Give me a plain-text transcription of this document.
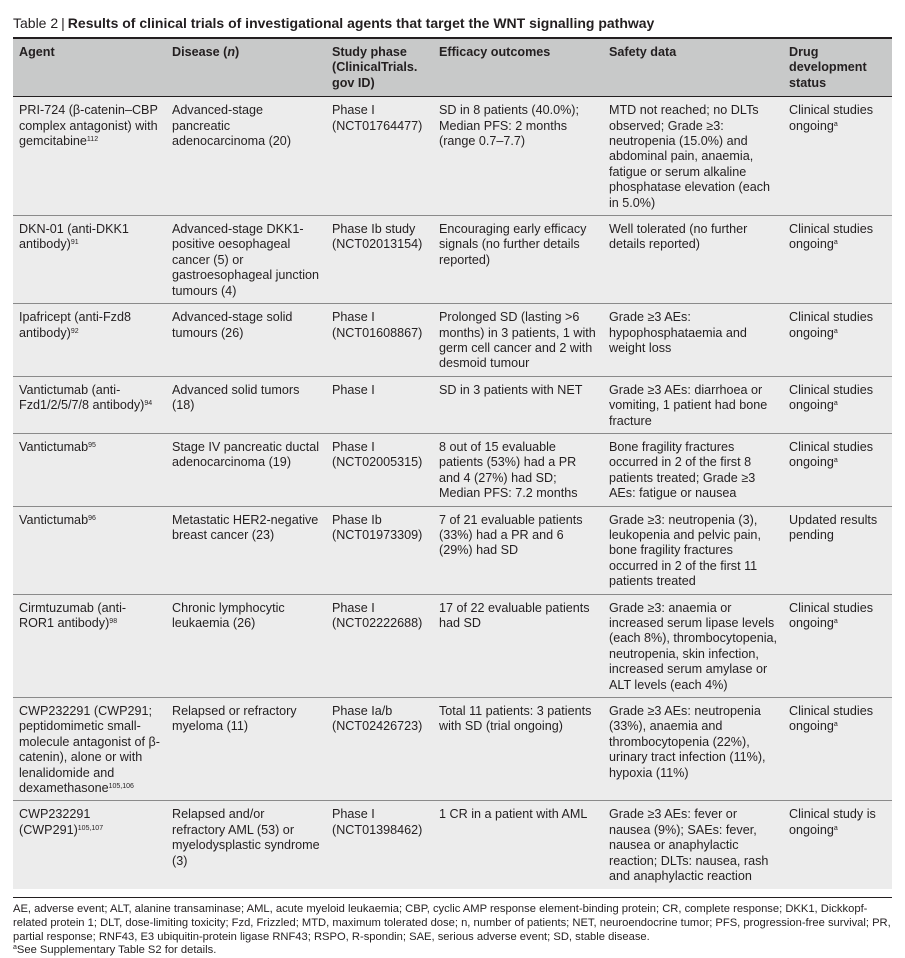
Table 2 | Results of clinical trials of investigational agents that target the WNT signalling pathway
Agent	Disease (n)	Study phase (ClinicalTrials. gov ID)	Efficacy outcomes	Safety data	Drug development status
PRI-724 (β-catenin–CBP complex antagonist) with gemcitabine$^{112}$	Advanced-stage pancreatic adenocarcinoma (20)	Phase I (NCT01764477)	SD in 8 patients (40.0%); Median PFS: 2 months (range 0.7–7.7)	MTD not reached; no DLTs observed; Grade ≥3: neutropenia (15.0%) and abdominal pain, anaemia, fatigue or serum alkaline phosphatase elevation (each in 5.0%)	Clinical studies ongoing$^a$
DKN-01 (anti-DKK1 antibody)$^{91}$	Advanced-stage DKK1-positive oesophageal cancer (5) or gastroesophageal junction tumours (4)	Phase Ib study (NCT02013154)	Encouraging early efficacy signals (no further details reported)	Well tolerated (no further details reported)	Clinical studies ongoing$^a$
Ipafricept (anti-Fzd8 antibody)$^{92}$	Advanced-stage solid tumours (26)	Phase I (NCT01608867)	Prolonged SD (lasting >6 months) in 3 patients, 1 with germ cell cancer and 2 with desmoid tumour	Grade ≥3 AEs: hypophosphataemia and weight loss	Clinical studies ongoing$^a$
Vantictumab (anti-Fzd1/2/5/7/8 antibody)$^{94}$	Advanced solid tumors (18)	Phase I	SD in 3 patients with NET	Grade ≥3 AEs: diarrhoea or vomiting, 1 patient had bone fracture	Clinical studies ongoing$^a$
Vantictumab$^{95}$	Stage IV pancreatic ductal adenocarcinoma (19)	Phase I (NCT02005315)	8 out of 15 evaluable patients (53%) had a PR and 4 (27%) had SD; Median PFS: 7.2 months	Bone fragility fractures occurred in 2 of the first 8 patients treated; Grade ≥3 AEs: fatigue or nausea	Clinical studies ongoing$^a$
Vantictumab$^{96}$	Metastatic HER2-negative breast cancer (23)	Phase Ib (NCT01973309)	7 of 21 evaluable patients (33%) had a PR and 6 (29%) had SD	Grade ≥3: neutropenia (3), leukopenia and pelvic pain, bone fragility fractures occurred in 2 of the first 11 patients treated	Updated results pending
Cirmtuzumab (anti-ROR1 antibody)$^{98}$	Chronic lymphocytic leukaemia (26)	Phase I (NCT02222688)	17 of 22 evaluable patients had SD	Grade ≥3: anaemia or increased serum lipase levels (each 8%), thrombocytopenia, neutropenia, skin infection, increased serum amylase or ALT levels (each 4%)	Clinical studies ongoing$^a$
CWP232291 (CWP291; peptidomimetic small-molecule antagonist of β-catenin), alone or with lenalidomide and dexamethasone$^{105,106}$	Relapsed or refractory myeloma (11)	Phase Ia/b (NCT02426723)	Total 11 patients: 3 patients with SD (trial ongoing)	Grade ≥3 AEs: neutropenia (33%), anaemia and thrombocytopenia (22%), urinary tract infection (11%), hypoxia (11%)	Clinical studies ongoing$^a$
CWP232291 $(CWP291)^{105,107}$	Relapsed and/or refractory AML (53) or myelodysplastic syndrome (3)	Phase I (NCT01398462)	1 CR in a patient with AML	Grade ≥3 AEs: fever or nausea (9%); SAEs: fever, nausea or anaphylactic reaction; DLTs: nausea, rash and anaphylactic reaction	Clinical study is ongoing$^a$

AE, adverse event; ALT, alanine transaminase; AML, acute myeloid leukaemia; CBP, cyclic AMP response element-binding protein; CR, complete response; DKK1, Dickkopf-related protein 1; DLT, dose-limiting toxicity; Fzd, Frizzled; MTD, maximum tolerated dose; n, number of patients; NET, neuroendocrine tumor; PFS, progression-free survival; PR, partial response; RNF43, E3 ubiquitin-protein ligase RNF43; RSPO, R-spondin; SAE, serious adverse event; SD, stable disease.

$^a$See Supplementary Table S2 for details.
